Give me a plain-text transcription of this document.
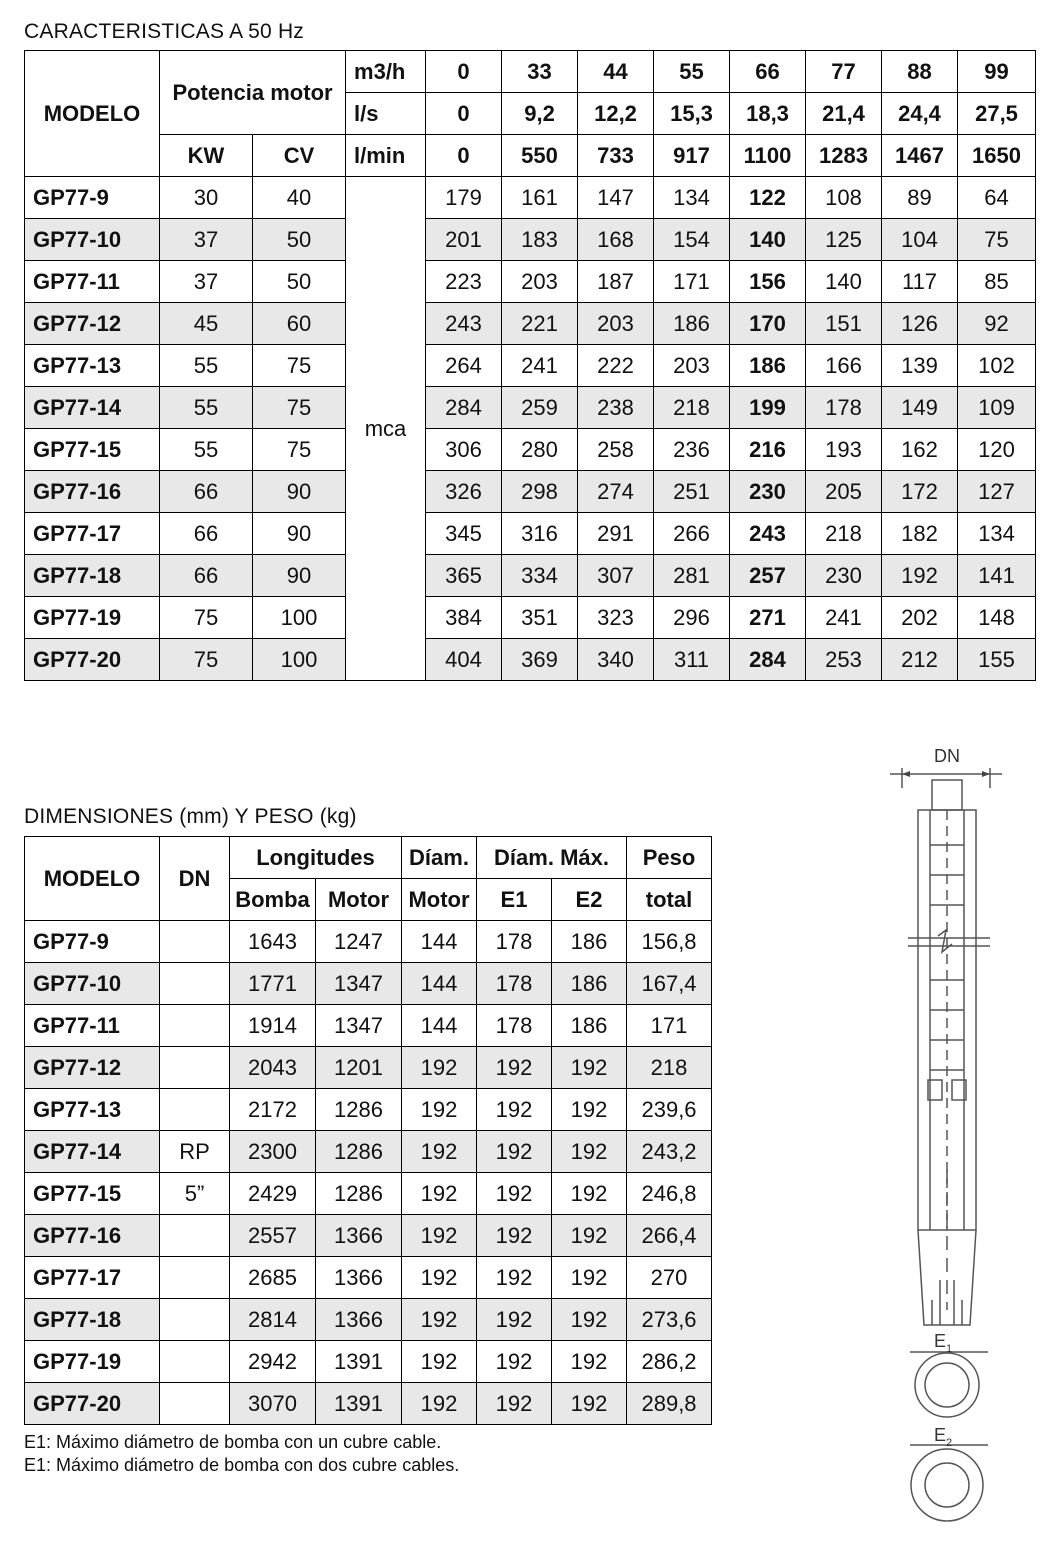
CARACTERISTICAS A 50 Hz
MODELO	Potencia motor		m3/h	0	33	44	55	66	77	88	99
			l/s	0	9,2	12,2	15,3	18,3	21,4	24,4	27,5
	KW	CV	l/min	0	550	733	917	1100	1283	1467	1650
GP77-9	30	40	mca	179	161	147	134	122	108	89	64
GP77-10	37	50		201	183	168	154	140	125	104	75
GP77-11	37	50		223	203	187	171	156	140	117	85
GP77-12	45	60		243	221	203	186	170	151	126	92
GP77-13	55	75		264	241	222	203	186	166	139	102
GP77-14	55	75		284	259	238	218	199	178	149	109
GP77-15	55	75		306	280	258	236	216	193	162	120
GP77-16	66	90		326	298	274	251	230	205	172	127
GP77-17	66	90		345	316	291	266	243	218	182	134
GP77-18	66	90		365	334	307	281	257	230	192	141
GP77-19	75	100		384	351	323	296	271	241	202	148
GP77-20	75	100		404	369	340	311	284	253	212	155
DIMENSIONES (mm) Y PESO (kg)
MODELO	DN	Longitudes		Díam.	Díam. Máx.		Peso
		Bomba	Motor	Motor	E1	E2	total
GP77-9		1643	1247	144	178	186	156,8
GP77-10		1771	1347	144	178	186	167,4
GP77-11		1914	1347	144	178	186	171
GP77-12		2043	1201	192	192	192	218
GP77-13		2172	1286	192	192	192	239,6
GP77-14	RP	2300	1286	192	192	192	243,2
GP77-15	5”	2429	1286	192	192	192	246,8
GP77-16		2557	1366	192	192	192	266,4
GP77-17		2685	1366	192	192	192	270
GP77-18		2814	1366	192	192	192	273,6
GP77-19		2942	1391	192	192	192	286,2
GP77-20		3070	1391	192	192	192	289,8
E1: Máximo diámetro de bomba con un cubre cable.
E1: Máximo diámetro de bomba con dos cubre cables.
DN
$E_1$
$E_2$
